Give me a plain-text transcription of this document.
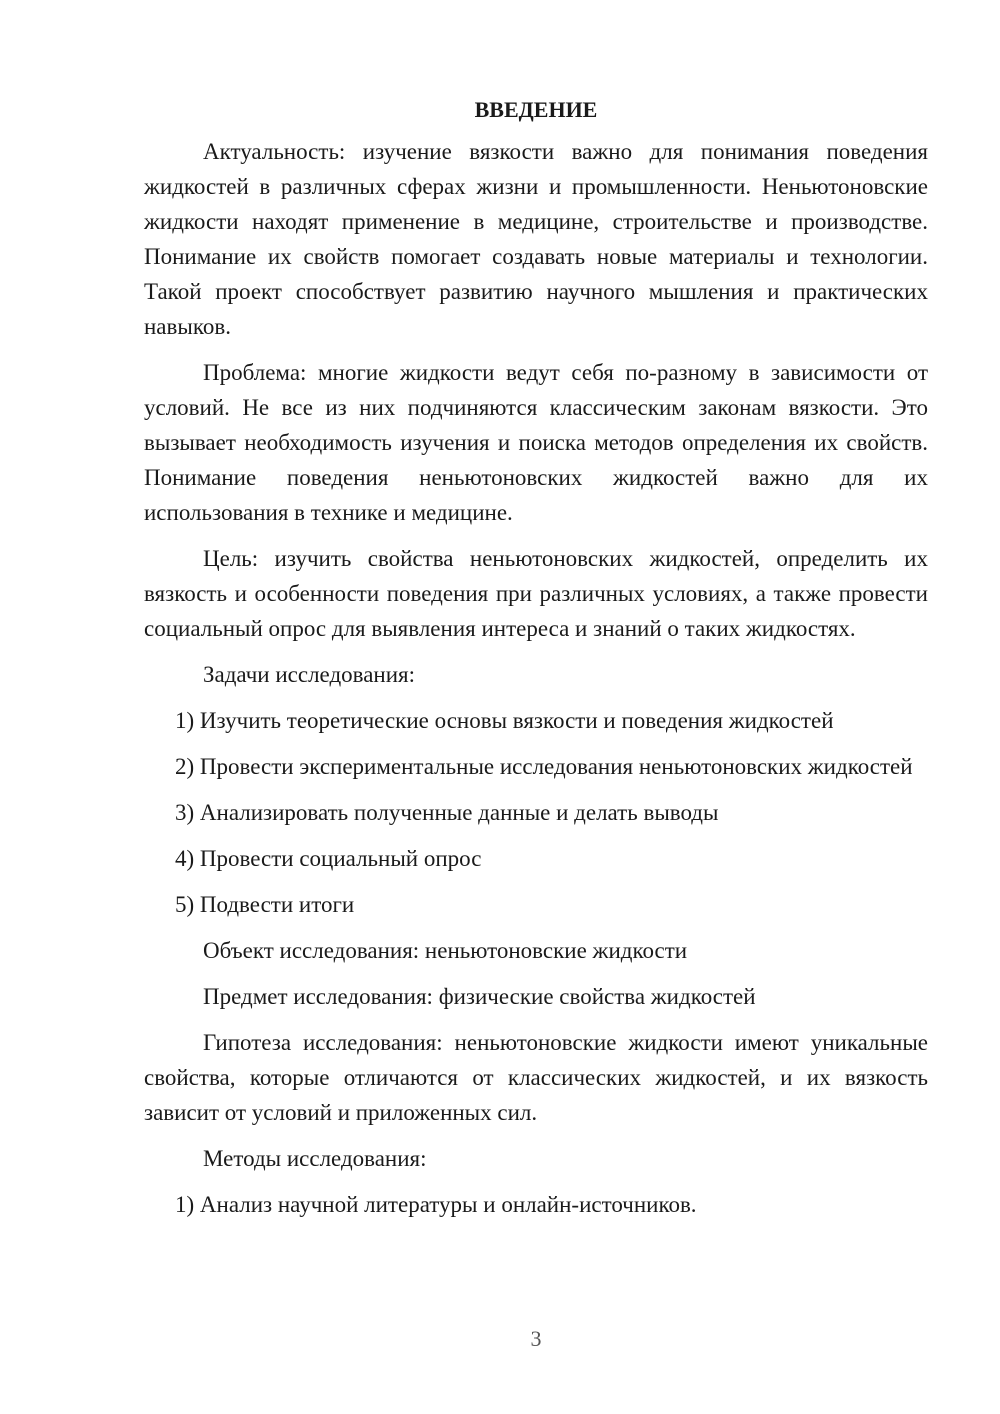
ВВЕДЕНИЕ

Актуальность: изучение вязкости важно для понимания поведения жидкостей в различных сферах жизни и промышленности. Неньютоновские жидкости находят применение в медицине, строительстве и производстве. Понимание их свойств помогает создавать новые материалы и технологии. Такой проект способствует развитию научного мышления и практических навыков.

Проблема: многие жидкости ведут себя по-разному в зависимости от условий. Не все из них подчиняются классическим законам вязкости. Это вызывает необходимость изучения и поиска методов определения их свойств. Понимание поведения неньютоновских жидкостей важно для их использования в технике и медицине.

Цель: изучить свойства неньютоновских жидкостей, определить их вязкость и особенности поведения при различных условиях, а также провести социальный опрос для выявления интереса и знаний о таких жидкостях.

Задачи исследования:

1) Изучить теоретические основы вязкости и поведения жидкостей

2) Провести экспериментальные исследования неньютоновских жидкостей

3) Анализировать полученные данные и делать выводы

4) Провести социальный опрос

5) Подвести итоги

Объект исследования: неньютоновские жидкости

Предмет исследования: физические свойства жидкостей

Гипотеза исследования: неньютоновские жидкости имеют уникальные свойства, которые отличаются от классических жидкостей, и их вязкость зависит от условий и приложенных сил.

Методы исследования:

1) Анализ научной литературы и онлайн-источников.

3
